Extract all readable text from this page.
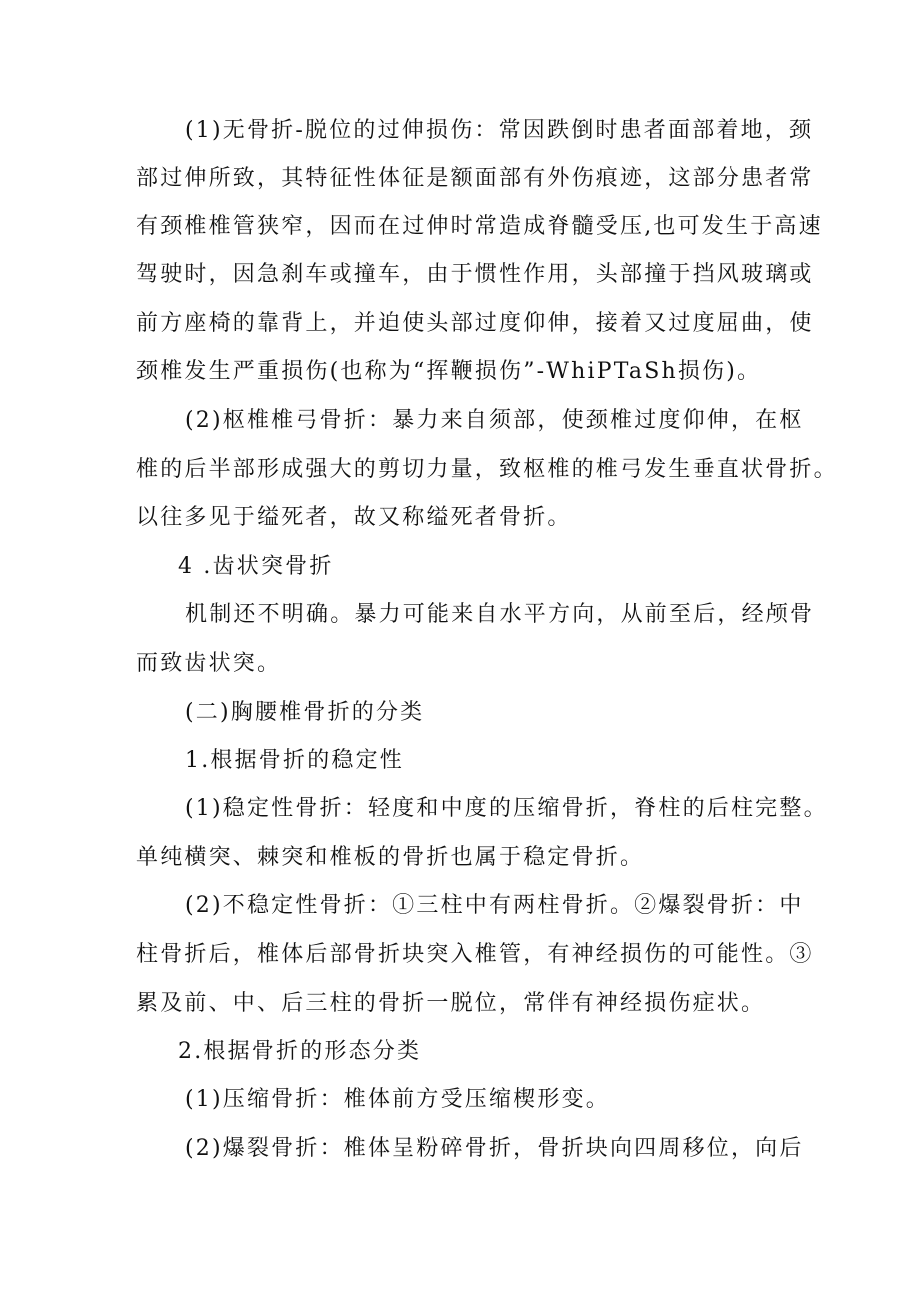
(1)无骨折-脱位的过伸损伤：常因跌倒时患者面部着地，颈
部过伸所致，其特征性体征是额面部有外伤痕迹，这部分患者常
有颈椎椎管狭窄，因而在过伸时常造成脊髓受压,也可发生于高速
驾驶时，因急刹车或撞车，由于惯性作用，头部撞于挡风玻璃或
前方座椅的靠背上，并迫使头部过度仰伸，接着又过度屈曲，使
颈椎发生严重损伤(也称为“挥鞭损伤”-WhiPTaSh损伤)。
(2)枢椎椎弓骨折：暴力来自须部，使颈椎过度仰伸，在枢
椎的后半部形成强大的剪切力量，致枢椎的椎弓发生垂直状骨折。
以往多见于缢死者，故又称缢死者骨折。
4 .齿状突骨折
机制还不明确。暴力可能来自水平方向，从前至后，经颅骨
而致齿状突。
(二)胸腰椎骨折的分类
1.根据骨折的稳定性
(1)稳定性骨折：轻度和中度的压缩骨折，脊柱的后柱完整。
单纯横突、棘突和椎板的骨折也属于稳定骨折。
(2)不稳定性骨折：①三柱中有两柱骨折。②爆裂骨折：中
柱骨折后，椎体后部骨折块突入椎管，有神经损伤的可能性。③
累及前、中、后三柱的骨折一脱位，常伴有神经损伤症状。
2.根据骨折的形态分类
(1)压缩骨折：椎体前方受压缩楔形变。
(2)爆裂骨折：椎体呈粉碎骨折，骨折块向四周移位，向后
